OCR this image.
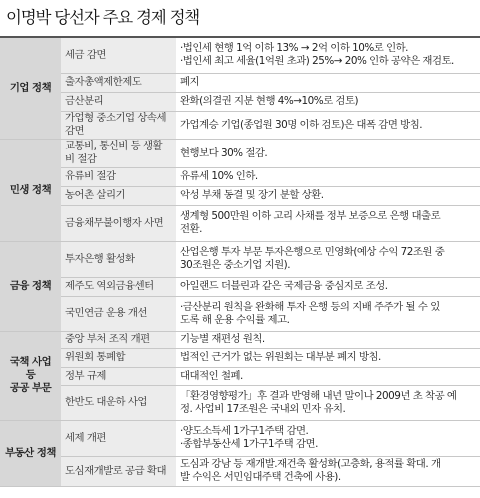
이명박 당선자 주요 경제 정책
기업 정책	세금 감면	·법인세 현행 1억 이하 13% → 2억 이하 10%로 인하.
·법인세 최고 세율(1억원 초과) 25%→ 20% 인하 공약은 재검토.

	출자총액제한제도	폐지

	금산분리	완화(의결권 지분 현행 4%→10%로 검토)

	가업형 중소기업 상속세
감면	가업계승 기업(종업원 30명 이하 검토)은 대폭 감면 방침.

민생 정책	교통비, 통신비 등 생활
비 절감	현행보다 30% 절감.

	유류비 절감	유류세 10% 인하.

	농어촌 살리기	악성 부채 동결 및 장기 분할 상환.

	금융채무불이행자 사면	생계형 500만원 이하 고리 사채를 정부 보증으로 은행 대출로
전환.

금융 정책	투자은행 활성화	산업은행 투자 부문 투자은행으로 민영화(예상 수익 72조원 중
30조원은 중소기업 지원).

	제주도 역외금융센터	아일랜드 더블린과 같은 국제금융 중심지로 조성.

	국민연금 운용 개선	·금산분리 원칙을 완화해 투자 은행 등의 지배 주주가 될 수 있
도록 해 운용 수익률 제고.

국책 사업 등
공공 부문	중앙 부처 조직 개편	기능별 재편성 원칙.

	위원회 통폐합	법적인 근거가 없는 위원회는 대부분 폐지 방침.

	정부 규제	대대적인 철폐.

	한반도 대운하 사업	「환경영향평가」후 결과 반영해 내년 말이나 2009년 초 착공 예
정. 사업비 17조원은 국내외 민자 유치.

부동산 정책	세제 개편	·양도소득세 1가구1주택 감면.
·종합부동산세 1가구1주택 감면.

	도심재개발로 공급 확대	도심과 강남 등 재개발.재건축 활성화(고층화, 용적률 확대. 개
발 수익은 서민임대주택 건축에 사용).
